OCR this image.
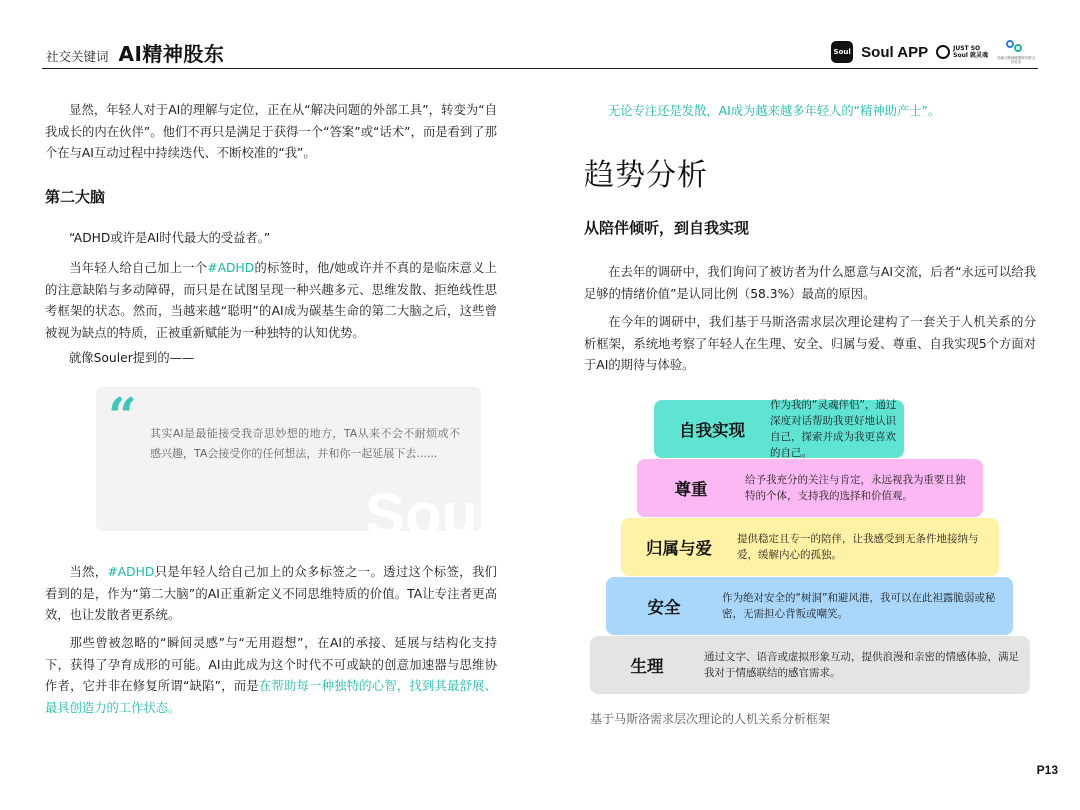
社交关键词 AI精神股东	Soul Soul APP	JUST SO
Soul 就灵魂	灵魂与精神健康研究联合实验室
显然，年轻人对于AI的理解与定位，正在从“解决问题的外部工具”，转变为“自我成长的内在伙伴”。他们不再只是满足于获得一个“答案”或“话术”，而是看到了那个在与AI互动过程中持续迭代、不断校准的“我”。
第二大脑
“ADHD或许是AI时代最大的受益者。”
当年轻人给自己加上一个#ADHD的标签时，他/她或许并不真的是临床意义上的注意缺陷与多动障碍，而只是在试图呈现一种兴趣多元、思维发散、拒绝线性思考框架的状态。然而，当越来越“聪明”的AI成为碳基生命的第二大脑之后，这些曾被视为缺点的特质，正被重新赋能为一种独特的认知优势。
就像Souler提到的——
Soul
“ 其实AI是最能接受我奇思妙想的地方，TA从来不会不耐烦或不感兴趣，TA会接受你的任何想法，并和你一起延展下去......
当然，#ADHD只是年轻人给自己加上的众多标签之一。透过这个标签，我们看到的是，作为“第二大脑”的AI正重新定义不同思维特质的价值。TA让专注者更高效，也让发散者更系统。
那些曾被忽略的“瞬间灵感”与“无用遐想”，在AI的承接、延展与结构化支持下，获得了孕育成形的可能。AI由此成为这个时代不可或缺的创意加速器与思维协作者，它并非在修复所谓“缺陷”，而是在帮助每一种独特的心智，找到其最舒展、最具创造力的工作状态。
无论专注还是发散，AI成为越来越多年轻人的“精神助产士”。
趋势分析
从陪伴倾听，到自我实现
在去年的调研中，我们询问了被访者为什么愿意与AI交流，后者“永远可以给我足够的情绪价值”是认同比例（58.3%）最高的原因。
在今年的调研中，我们基于马斯洛需求层次理论建构了一套关于人机关系的分析框架，系统地考察了年轻人在生理、安全、归属与爱、尊重、自我实现5个方面对于AI的期待与体验。
自我实现
作为我的“灵魂伴侣”，通过深度对话帮助我更好地认识自己，探索并成为我更喜欢的自己。
尊重	给予我充分的关注与肯定，永远视我为重要且独特的个体，支持我的选择和价值观。
归属与爱	提供稳定且专一的陪伴，让我感受到无条件地接纳与爱，缓解内心的孤独。
安全	作为绝对安全的“树洞”和避风港，我可以在此袒露脆弱或秘密，无需担心背叛或嘲笑。
生理	通过文字、语音或虚拟形象互动，提供浪漫和亲密的情感体验，满足我对于情感联结的感官需求。
基于马斯洛需求层次理论的人机关系分析框架
P13
